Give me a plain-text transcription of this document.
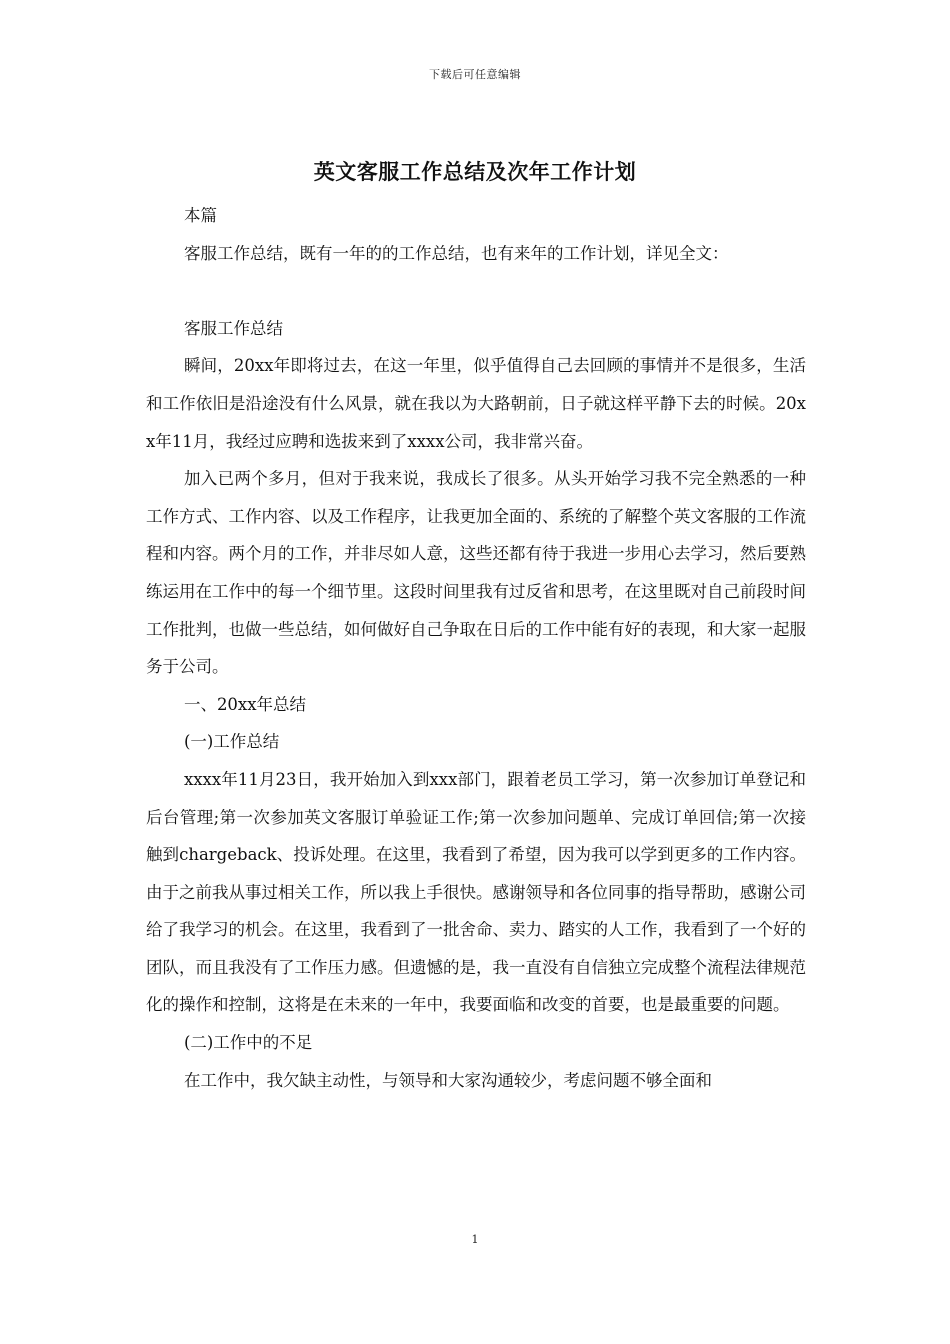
下载后可任意编辑
英文客服工作总结及次年工作计划

本篇

客服工作总结，既有一年的的工作总结，也有来年的工作计划，详见全文：

客服工作总结

瞬间，20xx年即将过去，在这一年里，似乎值得自己去回顾的事情并不是很多，生活和工作依旧是沿途没有什么风景，就在我以为大路朝前，日子就这样平静下去的时候。20xx年11月，我经过应聘和选拔来到了xxxx公司，我非常兴奋。

加入已两个多月，但对于我来说，我成长了很多。从头开始学习我不完全熟悉的一种工作方式、工作内容、以及工作程序，让我更加全面的、系统的了解整个英文客服的工作流程和内容。两个月的工作，并非尽如人意，这些还都有待于我进一步用心去学习，然后要熟练运用在工作中的每一个细节里。这段时间里我有过反省和思考，在这里既对自己前段时间工作批判，也做一些总结，如何做好自己争取在日后的工作中能有好的表现，和大家一起服务于公司。

一、20xx年总结

(一)工作总结

xxxx年11月23日，我开始加入到xxx部门，跟着老员工学习，第一次参加订单登记和后台管理;第一次参加英文客服订单验证工作;第一次参加问题单、完成订单回信;第一次接触到chargeback、投诉处理。在这里，我看到了希望，因为我可以学到更多的工作内容。由于之前我从事过相关工作，所以我上手很快。感谢领导和各位同事的指导帮助，感谢公司给了我学习的机会。在这里，我看到了一批舍命、卖力、踏实的人工作，我看到了一个好的团队，而且我没有了工作压力感。但遗憾的是，我一直没有自信独立完成整个流程法律规范化的操作和控制，这将是在未来的一年中，我要面临和改变的首要，也是最重要的问题。

(二)工作中的不足

在工作中，我欠缺主动性，与领导和大家沟通较少，考虑问题不够全面和

1
